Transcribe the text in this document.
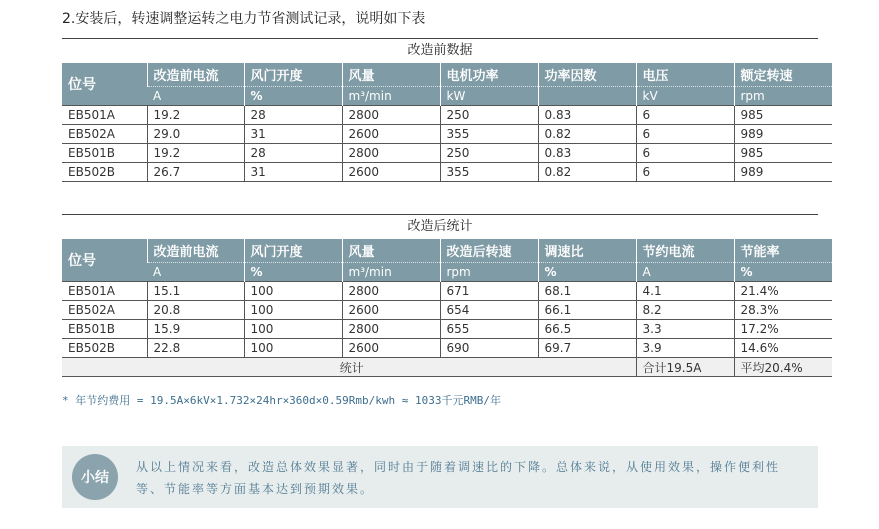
2.安装后，转速调整运转之电力节省测试记录，说明如下表
改造前数据
位号	改造前电流	风门开度	风量	电机功率	功率因数	电压	额定转速
	A	%	m³/min	kW		kV	rpm
EB501A	19.2	28	2800	250	0.83	6	985
EB502A	29.0	31	2600	355	0.82	6	989
EB501B	19.2	28	2800	250	0.83	6	985
EB502B	26.7	31	2600	355	0.82	6	989
改造后统计
位号	改造前电流	风门开度	风量	改造后转速	调速比	节约电流	节能率
	A	%	m³/min	rpm	%	A	%
EB501A	15.1	100	2800	671	68.1	4.1	21.4%
EB502A	20.8	100	2600	654	66.1	8.2	28.3%
EB501B	15.9	100	2800	655	66.5	3.3	17.2%
EB502B	22.8	100	2600	690	69.7	3.9	14.6%
统计						合计19.5A	平均20.4%
* 年节约费用 = 19.5A×6kV×1.732×24hr×360d×0.59Rmb/kwh ≈ 1033千元RMB/年
小结
从以上情况来看，改造总体效果显著，同时由于随着调速比的下降。总体来说，从使用效果，操作便利性等、节能率等方面基本达到预期效果。
